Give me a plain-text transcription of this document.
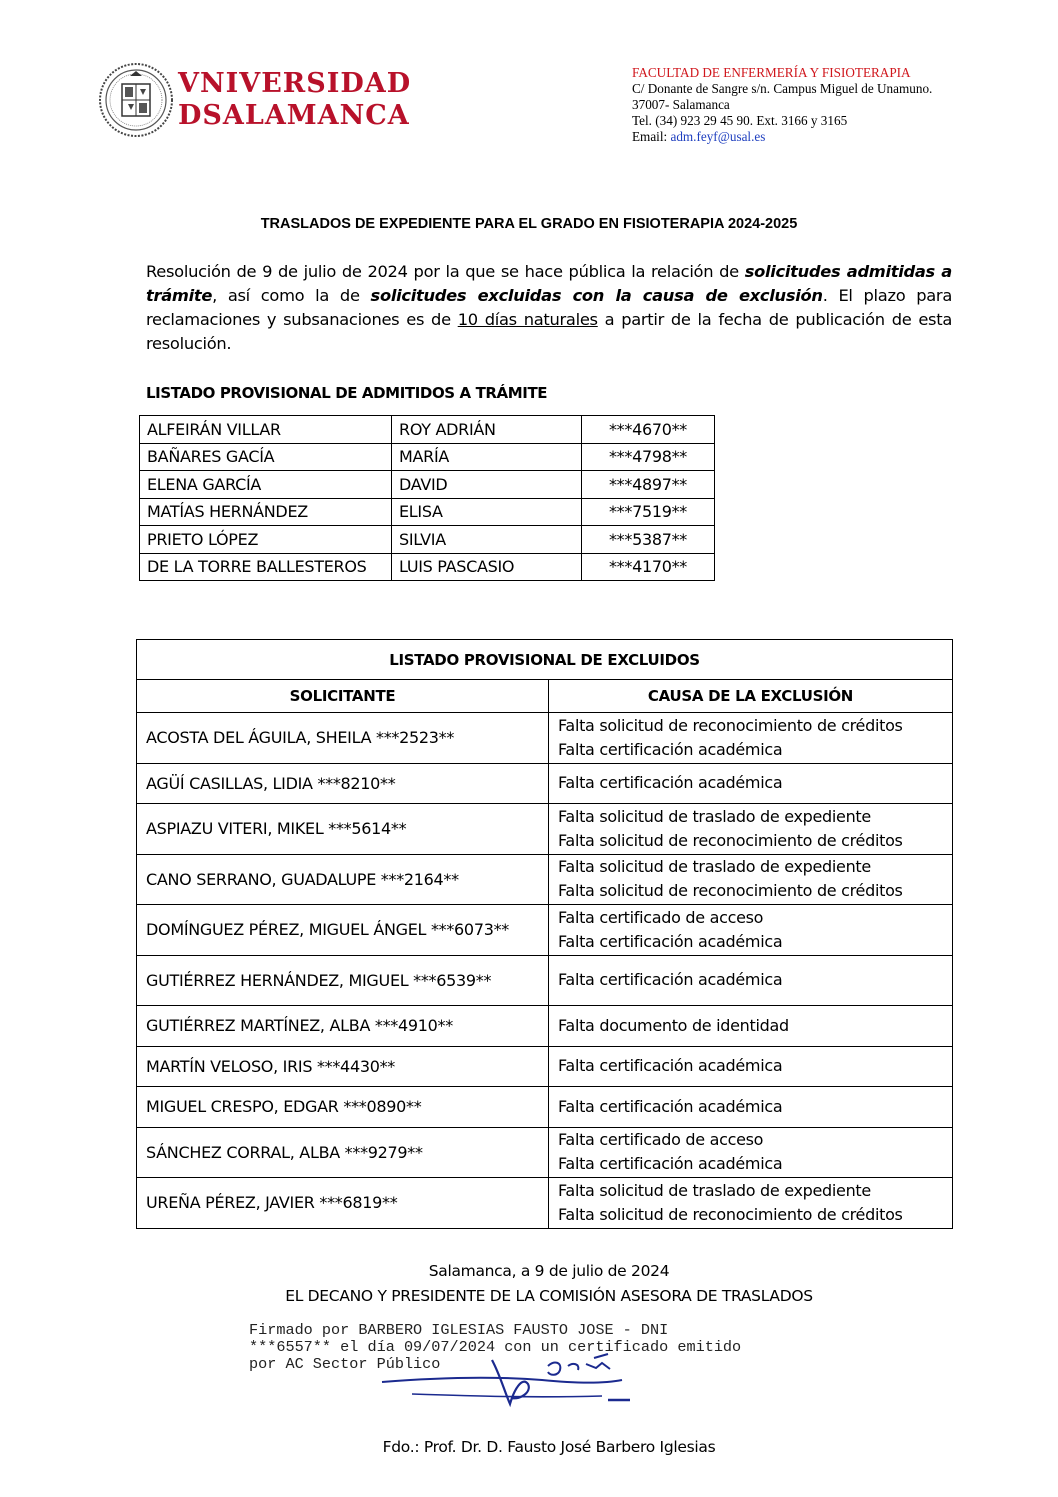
VNIVERSIDAD
DSALAMANCA
FACULTAD DE ENFERMERÍA Y FISIOTERAPIA
C/ Donante de Sangre s/n. Campus Miguel de Unamuno.
37007- Salamanca
Tel. (34) 923 29 45 90. Ext. 3166 y 3165
Email: adm.feyf@usal.es
TRASLADOS DE EXPEDIENTE PARA EL GRADO EN FISIOTERAPIA 2024-2025
Resolución de 9 de julio de 2024 por la que se hace pública la relación de solicitudes admitidas a trámite, así como la de solicitudes excluidas con la causa de exclusión. El plazo para reclamaciones y subsanaciones es de 10 días naturales a partir de la fecha de publicación de esta resolución.
LISTADO PROVISIONAL DE ADMITIDOS A TRÁMITE
ALFEIRÁN VILLAR	ROY ADRIÁN	***4670**
BAÑARES GACÍA	MARÍA	***4798**
ELENA GARCÍA	DAVID	***4897**
MATÍAS HERNÁNDEZ	ELISA	***7519**
PRIETO LÓPEZ	SILVIA	***5387**
DE LA TORRE BALLESTEROS	LUIS PASCASIO	***4170**
LISTADO PROVISIONAL DE EXCLUIDOS	
SOLICITANTE	CAUSA DE LA EXCLUSIÓN
ACOSTA DEL ÁGUILA, SHEILA ***2523**	Falta solicitud de reconocimiento de créditos
Falta certificación académica

AGÜÍ CASILLAS, LIDIA ***8210**	Falta certificación académica

ASPIAZU VITERI, MIKEL ***5614**	Falta solicitud de traslado de expediente
Falta solicitud de reconocimiento de créditos

CANO SERRANO, GUADALUPE ***2164**	Falta solicitud de traslado de expediente
Falta solicitud de reconocimiento de créditos

DOMÍNGUEZ PÉREZ, MIGUEL ÁNGEL ***6073**	Falta certificado de acceso
Falta certificación académica

GUTIÉRREZ HERNÁNDEZ, MIGUEL ***6539**	Falta certificación académica

GUTIÉRREZ MARTÍNEZ, ALBA ***4910**	Falta documento de identidad

MARTÍN VELOSO, IRIS ***4430**	Falta certificación académica

MIGUEL CRESPO, EDGAR ***0890**	Falta certificación académica

SÁNCHEZ CORRAL, ALBA ***9279**	Falta certificado de acceso
Falta certificación académica

UREÑA PÉREZ, JAVIER ***6819**	Falta solicitud de traslado de expediente
Falta solicitud de reconocimiento de créditos
Salamanca, a 9 de julio de 2024
EL DECANO Y PRESIDENTE DE LA COMISIÓN ASESORA DE TRASLADOS
Firmado por BARBERO IGLESIAS FAUSTO JOSE - DNI
***6557** el día 09/07/2024 con un certificado emitido
por AC Sector Público
Fdo.: Prof. Dr. D. Fausto José Barbero Iglesias
